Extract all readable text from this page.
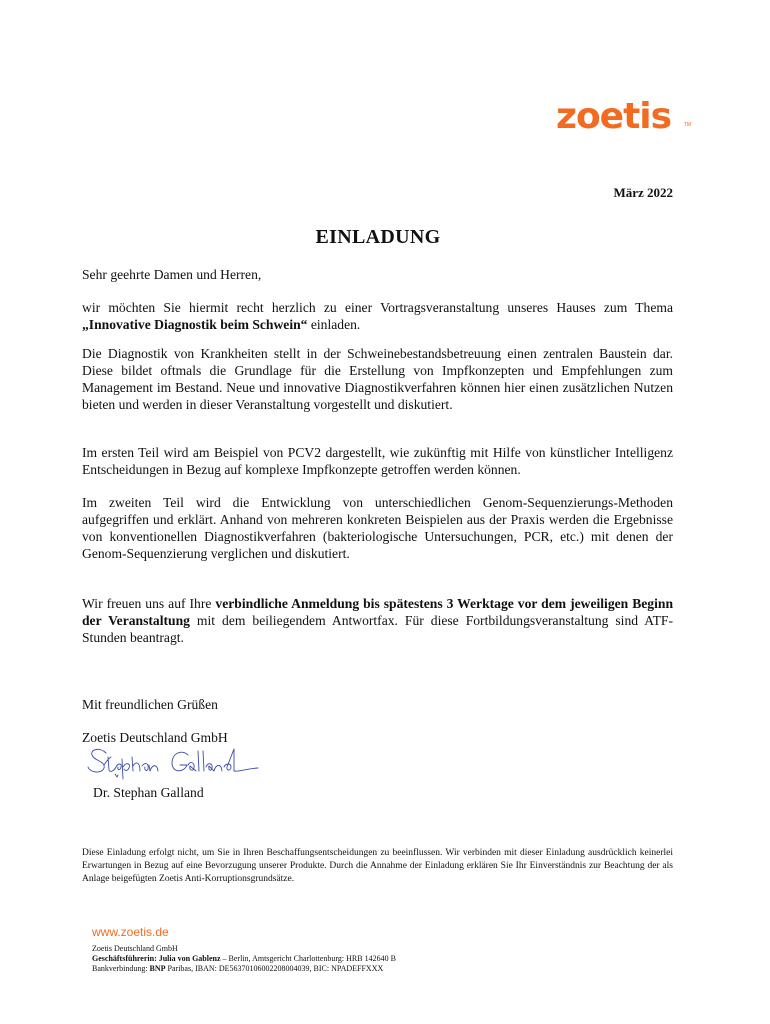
zoetis	TM
März 2022
EINLADUNG

Sehr geehrte Damen und Herren,

wir möchten Sie hiermit recht herzlich zu einer Vortragsveranstaltung unseres Hauses zum Thema „Innovative Diagnostik beim Schwein“ einladen.

Die Diagnostik von Krankheiten stellt in der Schweinebestandsbetreuung einen zentralen Baustein dar. Diese bildet oftmals die Grundlage für die Erstellung von Impfkonzepten und Empfehlungen zum Management im Bestand. Neue und innovative Diagnostikverfahren können hier einen zusätzlichen Nutzen bieten und werden in dieser Veranstaltung vorgestellt und diskutiert.

Im ersten Teil wird am Beispiel von PCV2 dargestellt, wie zukünftig mit Hilfe von künstlicher Intelligenz Entscheidungen in Bezug auf komplexe Impfkonzepte getroffen werden können.

Im zweiten Teil wird die Entwicklung von unterschiedlichen Genom-Sequenzierungs-Methoden aufgegriffen und erklärt. Anhand von mehreren konkreten Beispielen aus der Praxis werden die Ergebnisse von konventionellen Diagnostikverfahren (bakteriologische Untersuchungen, PCR, etc.) mit denen der Genom-Sequenzierung verglichen und diskutiert.

Wir freuen uns auf Ihre verbindliche Anmeldung bis spätestens 3 Werktage vor dem jeweiligen Beginn der Veranstaltung mit dem beiliegendem Antwortfax. Für diese Fortbildungsveranstaltung sind ATF-Stunden beantragt.

Mit freundlichen Grüßen

Zoetis Deutschland GmbH

Dr. Stephan Galland

Diese Einladung erfolgt nicht, um Sie in Ihren Beschaffungsentscheidungen zu beeinflussen. Wir verbinden mit dieser Einladung ausdrücklich keinerlei Erwartungen in Bezug auf eine Bevorzugung unserer Produkte. Durch die Annahme der Einladung erklären Sie Ihr Einverständnis zur Beachtung der als Anlage beigefügten Zoetis Anti-Korruptionsgrundsätze.

www.zoetis.de
Zoetis Deutschland GmbH
Geschäftsführerin: Julia von Gablenz – Berlin, Amtsgericht Charlottenburg: HRB 142640 B
Bankverbindung: BNP Paribas, IBAN: DE56370106002208004039, BIC: NPADEFFXXX
